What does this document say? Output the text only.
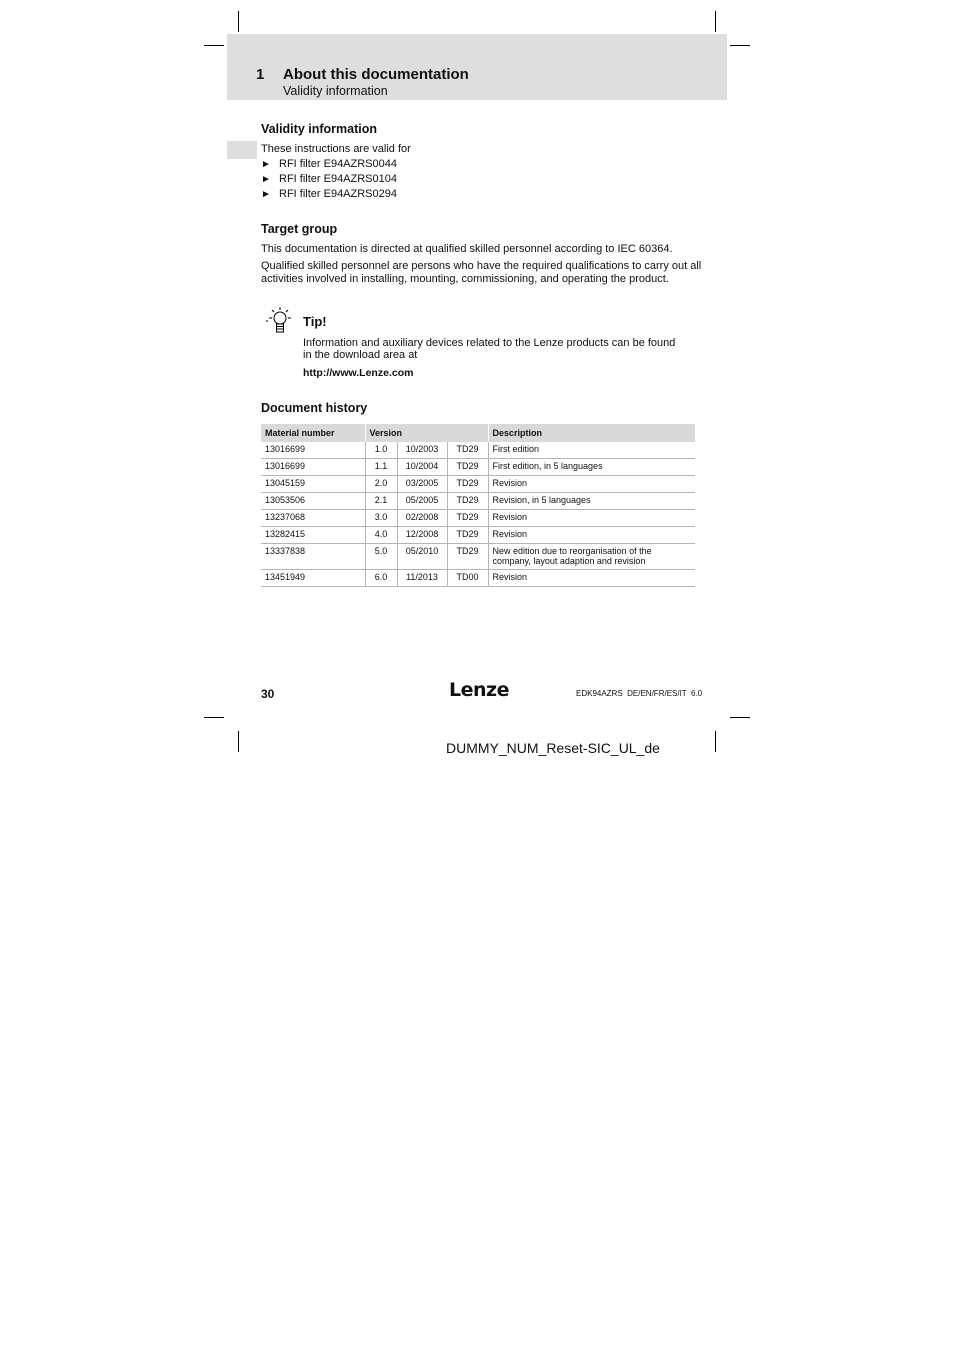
1 About this documentation
Validity information
Validity information
These instructions are valid for
► RFI filter E94AZRS0044
► RFI filter E94AZRS0104
► RFI filter E94AZRS0294
Target group
This documentation is directed at qualified skilled personnel according to IEC 60364.
Qualified skilled personnel are persons who have the required qualifications to carry out all
activities involved in installing, mounting, commissioning, and operating the product.
Tip!
Information and auxiliary devices related to the Lenze products can be found
in the download area at
http://www.Lenze.com
Document history
Material number	Version			Description
13016699	1.0	10/2003	TD29	First edition
13016699	1.1	10/2004	TD29	First edition, in 5 languages
13045159	2.0	03/2005	TD29	Revision
13053506	2.1	05/2005	TD29	Revision, in 5 languages
13237068	3.0	02/2008	TD29	Revision
13282415	4.0	12/2008	TD29	Revision
13337838	5.0	05/2010	TD29	New edition due to reorganisation of the
company, layout adaption and revision

13451949	6.0	11/2013	TD00	Revision
30	Lenze	EDK94AZRS  DE/EN/FR/ES/IT  6.0
DUMMY_NUM_Reset-SIC_UL_de
